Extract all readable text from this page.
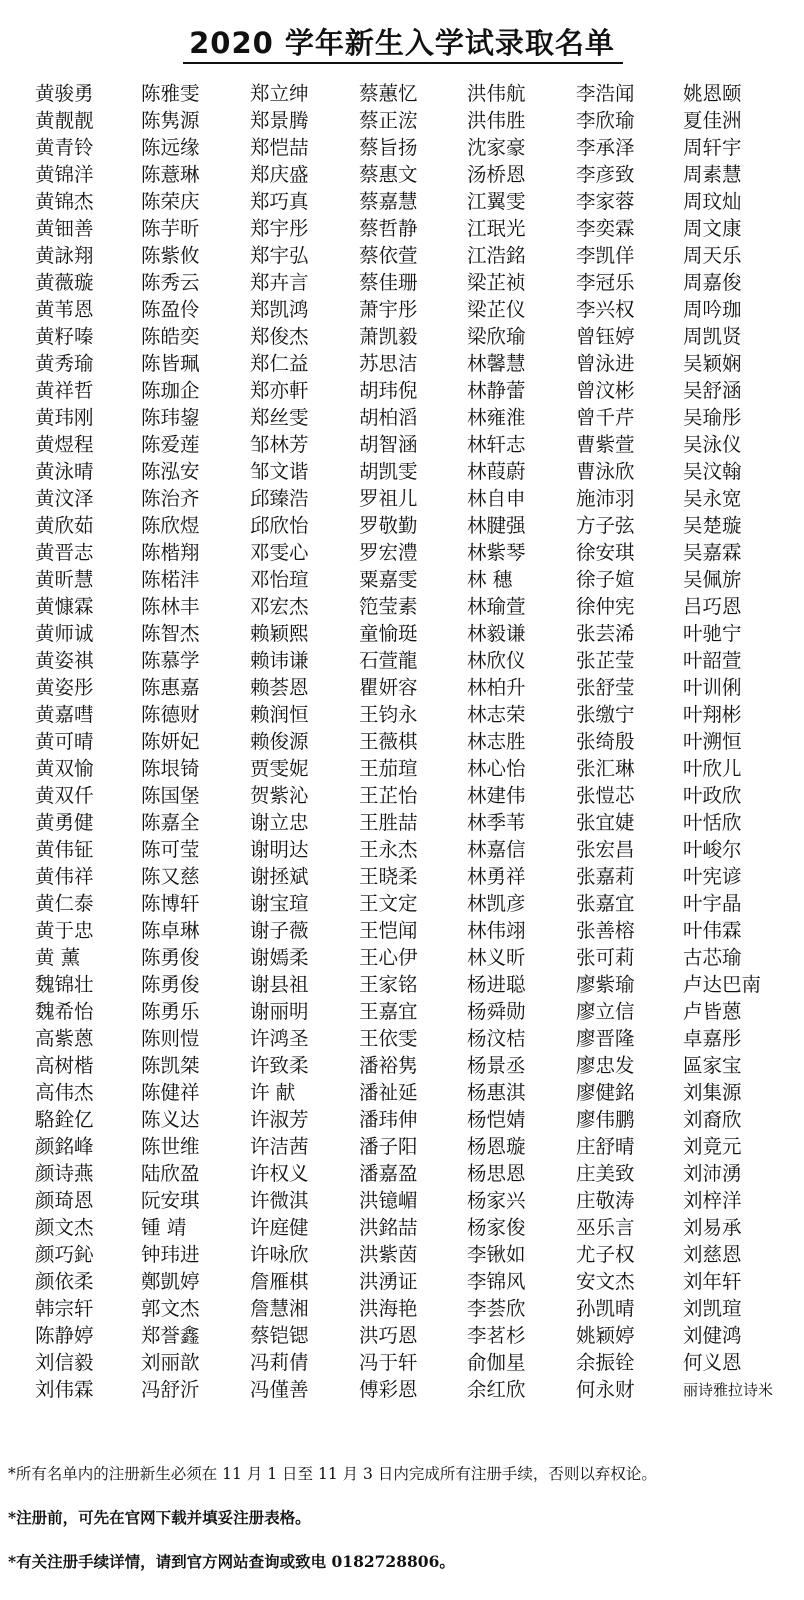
2020 学年新生入学试录取名单
黄骏勇
黄靓靓
黄青铃
黄锦洋
黄锦杰
黄钿善
黄詠翔
黄薇璇
黄苇恩
黄籽嗪
黄秀瑜
黄祥哲
黄玮刚
黄煜程
黄泳晴
黄汶泽
黄欣茹
黄晋志
黄昕慧
黄慷霖
黄师诚
黄姿祺
黄姿彤
黄嘉嘒
黄可晴
黄双愉
黄双仟
黄勇健
黄伟钲
黄伟祥
黄仁泰
黄于忠
黄 薰
魏锦壮
魏希怡
高紫蒽
高树楷
高伟杰
駱銓亿
颜銘峰
颜诗燕
颜琦恩
颜文杰
颜巧鈊
颜依柔
韩宗轩
陈静婷
刘信毅
刘伟霖
陈雅雯
陈隽源
陈远缘
陈薏琳
陈荣庆
陈芋昕
陈紫攸
陈秀云
陈盈伶
陈皓奕
陈皆珮
陈珈企
陈玮鋆
陈爱莲
陈泓安
陈治齐
陈欣煜
陈楷翔
陈楉沣
陈林丰
陈智杰
陈慕学
陈惠嘉
陈德财
陈妍妃
陈垠锜
陈国堡
陈嘉全
陈可莹
陈又慈
陈博轩
陈卓琳
陈勇俊
陈勇俊
陈勇乐
陈则愷
陈凯桀
陈健祥
陈义达
陈世维
陆欣盈
阮安琪
锺 靖
钟玮进
鄭凱婷
郭文杰
郑誉鑫
刘丽歆
冯舒沂
郑立绅
郑景腾
郑恺喆
郑庆盛
郑巧真
郑宇彤
郑宇弘
郑卉言
郑凯鸿
郑俊杰
郑仁益
郑亦軒
郑丝雯
邹林芳
邹文谐
邱臻浩
邱欣怡
邓雯心
邓怡瑄
邓宏杰
赖颖熙
赖讳谦
赖荟恩
赖润恒
赖俊源
贾雯妮
贺紫沁
谢立忠
谢明达
谢拯斌
谢宝瑄
谢子薇
谢嫣柔
谢县祖
谢丽明
许鸿圣
许致柔
许 献
许淑芳
许洁茜
许权义
许微淇
许庭健
许咏欣
詹雁棋
詹慧湘
蔡铠锶
冯莉倩
冯僅善
蔡蕙忆
蔡正浤
蔡旨扬
蔡惠文
蔡嘉慧
蔡哲静
蔡依萱
蔡佳珊
萧宇彤
萧凯毅
苏思洁
胡玮倪
胡柏滔
胡智涵
胡凯雯
罗祖儿
罗敬勤
罗宏澧
粟嘉雯
笵莹素
童愉珽
石萱龍
瞿妍容
王钧永
王薇棋
王茄瑄
王芷怡
王胜喆
王永杰
王晓柔
王文定
王恺闻
王心伊
王家铭
王嘉宜
王依雯
潘裕隽
潘祉延
潘玮伸
潘子阳
潘嘉盈
洪镱嵋
洪銘喆
洪紫茵
洪湧证
洪海艳
洪巧恩
冯于轩
傅彩恩
洪伟航
洪伟胜
沈家豪
汤桥恩
江翼雯
江珉光
江浩銘
梁芷祯
梁芷仪
梁欣瑜
林馨慧
林静蕾
林雍淮
林轩志
林葭蔚
林自申
林腱强
林紫琴
林 穗
林瑜萱
林毅谦
林欣仪
林柏升
林志荣
林志胜
林心怡
林建伟
林季苇
林嘉信
林勇祥
林凯彦
林伟翊
林义昕
杨进聪
杨舜勋
杨汶桔
杨景丞
杨惠淇
杨恺婧
杨恩璇
杨思恩
杨家兴
杨家俊
李锹如
李锦风
李荟欣
李茗杉
俞伽星
余红欣
李浩闻
李欣瑜
李承泽
李彦致
李家蓉
李奕霖
李凯佯
李冠乐
李兴权
曾钰婷
曾泳进
曾汶彬
曾千芹
曹紫萱
曹泳欣
施沛羽
方子弦
徐安琪
徐子媗
徐仲宪
张芸浠
张芷莹
张舒莹
张缴宁
张绮殷
张汇琳
张愷芯
张宜婕
张宏昌
张嘉莉
张嘉宜
张善榕
张可莉
廖紫瑜
廖立信
廖晋隆
廖忠发
廖健銘
廖伟鹏
庄舒晴
庄美致
庄敬涛
巫乐言
尤子权
安文杰
孙凯晴
姚颖婷
余振铨
何永财
姚恩颐
夏佳洲
周轩宇
周素慧
周玟灿
周文康
周天乐
周嘉俊
周吟珈
周凯贤
吴颖娴
吴舒涵
吴瑜彤
吴泳仪
吴汶翰
吴永宽
吴楚璇
吴嘉霖
吴佩旂
吕巧恩
叶驰宁
叶韶萱
叶训俐
叶翔彬
叶溯恒
叶欣儿
叶政欣
叶恬欣
叶峻尔
叶宪谚
叶宇晶
叶伟霖
古芯瑜
卢达巴南
卢皆蒽
卓嘉彤
區家宝
刘集源
刘裔欣
刘竟元
刘沛湧
刘梓洋
刘易承
刘慈恩
刘年轩
刘凯瑄
刘健鸿
何义恩
丽诗雅拉诗米
*所有名单内的注册新生必须在 11 月 1 日至 11 月 3 日内完成所有注册手续，否则以弃权论。
*注册前，可先在官网下载并填妥注册表格。
*有关注册手续详情，请到官方网站查询或致电 0182728806。
